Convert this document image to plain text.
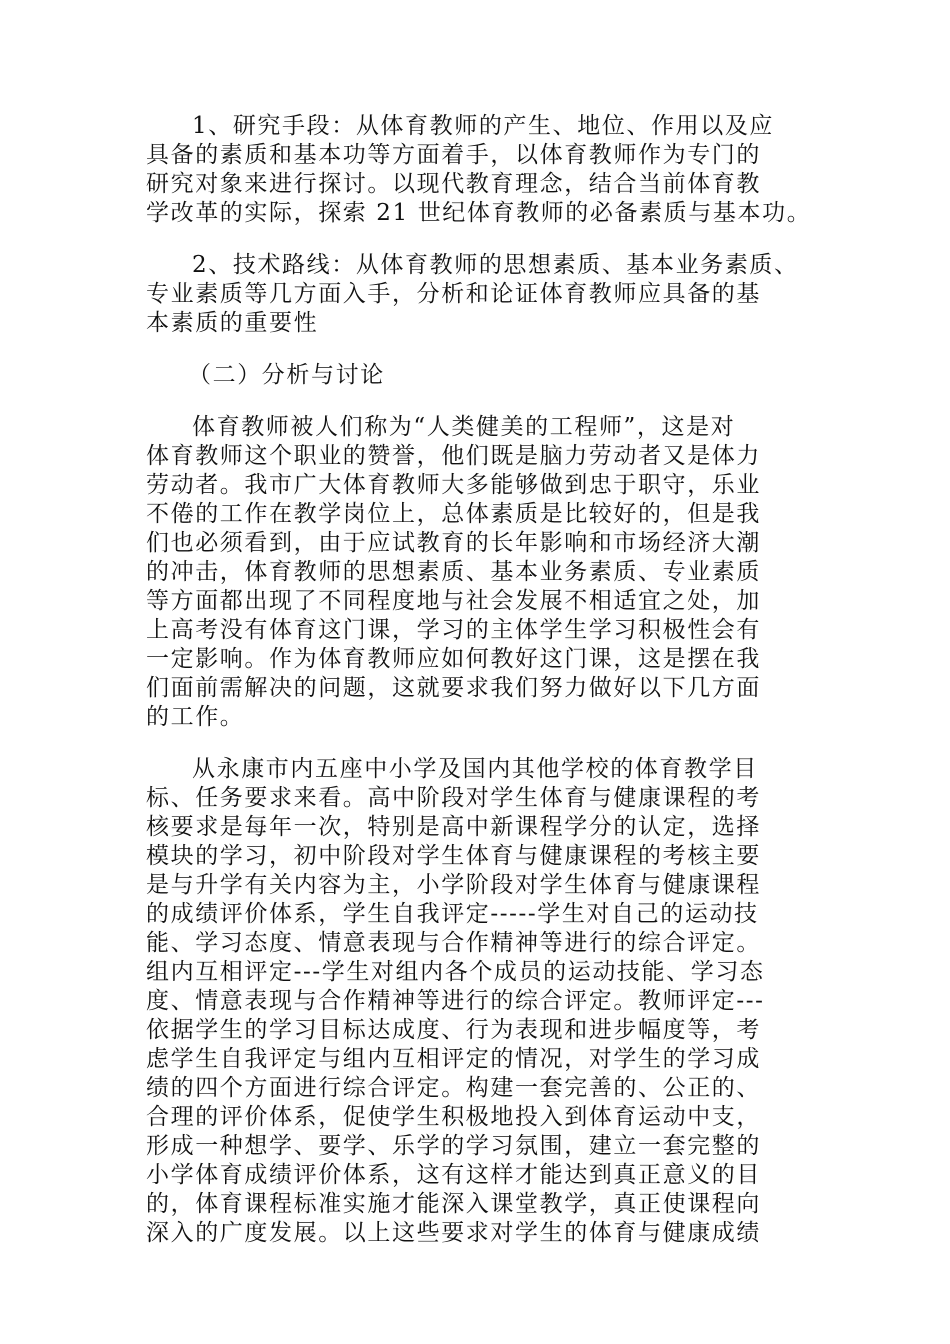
1、研究手段：从体育教师的产生、地位、作用以及应
具备的素质和基本功等方面着手，以体育教师作为专门的
研究对象来进行探讨。以现代教育理念，结合当前体育教
学改革的实际，探索 21 世纪体育教师的必备素质与基本功。
2、技术路线：从体育教师的思想素质、基本业务素质、
专业素质等几方面入手，分析和论证体育教师应具备的基
本素质的重要性
（二）分析与讨论
体育教师被人们称为“人类健美的工程师”，这是对
体育教师这个职业的赞誉，他们既是脑力劳动者又是体力
劳动者。我市广大体育教师大多能够做到忠于职守，乐业
不倦的工作在教学岗位上，总体素质是比较好的，但是我
们也必须看到，由于应试教育的长年影响和市场经济大潮
的冲击，体育教师的思想素质、基本业务素质、专业素质
等方面都出现了不同程度地与社会发展不相适宜之处，加
上高考没有体育这门课，学习的主体学生学习积极性会有
一定影响。作为体育教师应如何教好这门课，这是摆在我
们面前需解决的问题，这就要求我们努力做好以下几方面
的工作。
从永康市内五座中小学及国内其他学校的体育教学目
标、任务要求来看。高中阶段对学生体育与健康课程的考
核要求是每年一次，特别是高中新课程学分的认定，选择
模块的学习，初中阶段对学生体育与健康课程的考核主要
是与升学有关内容为主，小学阶段对学生体育与健康课程
的成绩评价体系，学生自我评定-----学生对自己的运动技
能、学习态度、情意表现与合作精神等进行的综合评定。
组内互相评定---学生对组内各个成员的运动技能、学习态
度、情意表现与合作精神等进行的综合评定。教师评定---
依据学生的学习目标达成度、行为表现和进步幅度等，考
虑学生自我评定与组内互相评定的情况，对学生的学习成
绩的四个方面进行综合评定。构建一套完善的、公正的、
合理的评价体系，促使学生积极地投入到体育运动中支，
形成一种想学、要学、乐学的学习氛围，建立一套完整的
小学体育成绩评价体系，这有这样才能达到真正意义的目
的，体育课程标准实施才能深入课堂教学，真正使课程向
深入的广度发展。以上这些要求对学生的体育与健康成绩
